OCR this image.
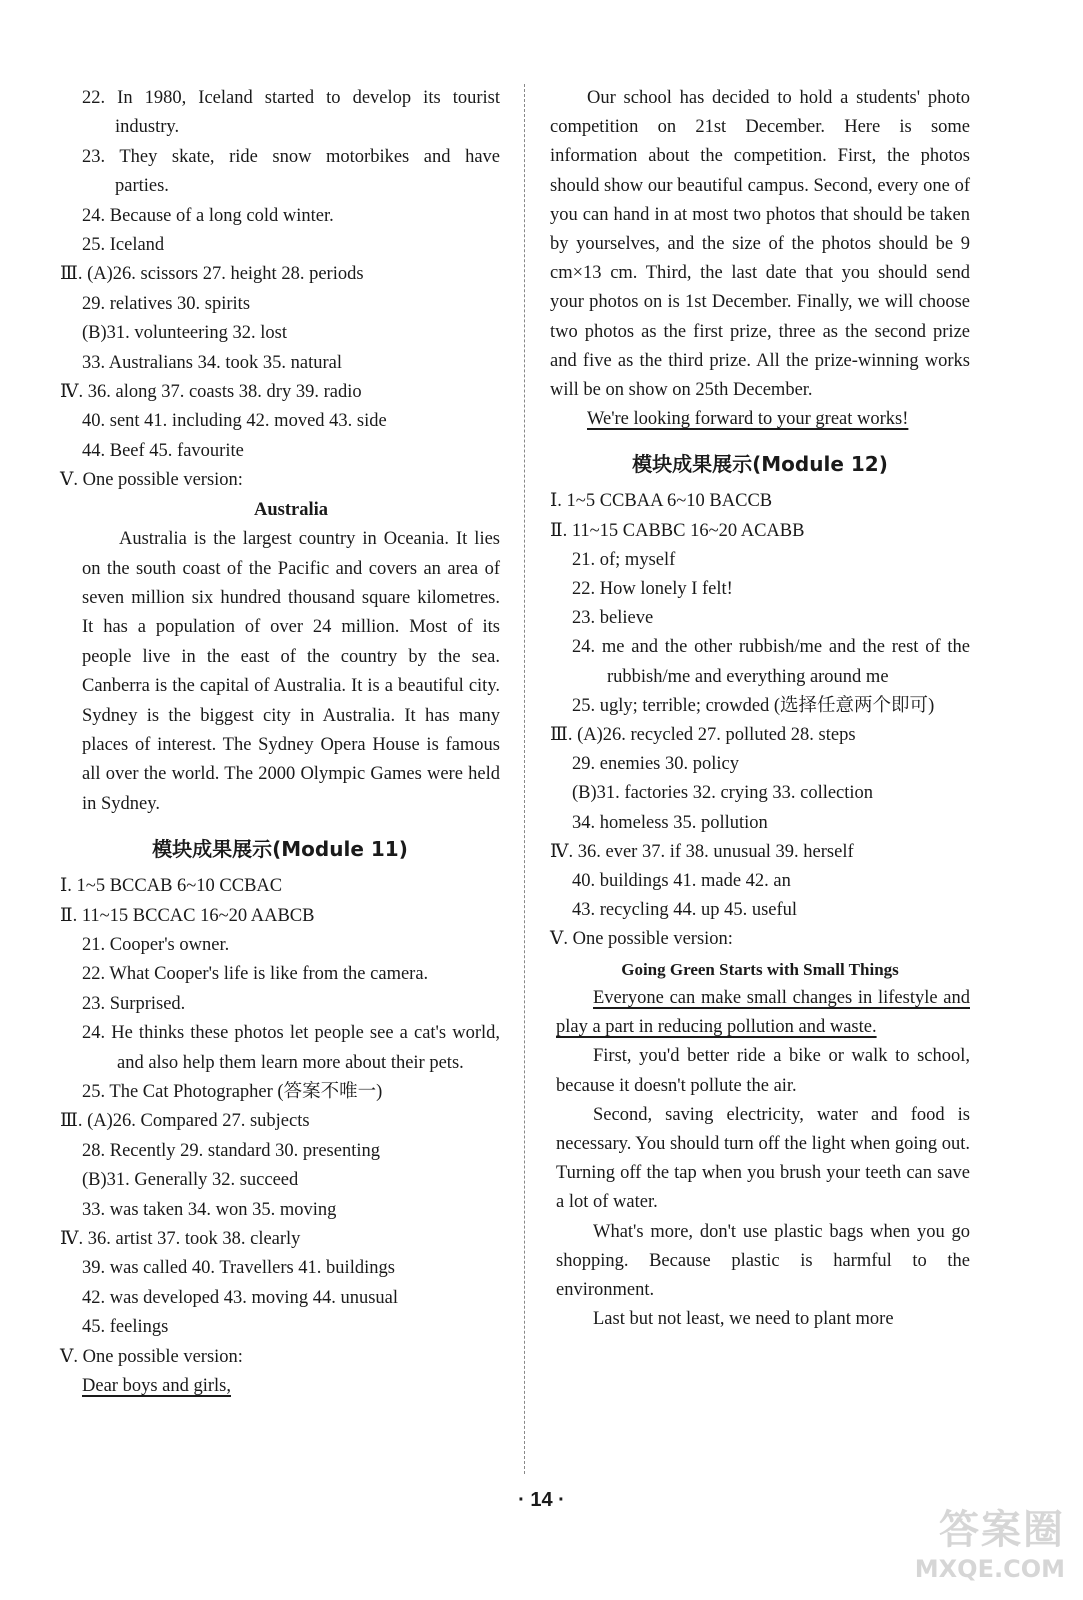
22. In 1980, Iceland started to develop its tourist

industry.

23. They skate, ride snow motorbikes and have

parties.

24. Because of a long cold winter.

25. Iceland

Ⅲ. (A)26. scissors 27. height 28. periods

29. relatives 30. spirits

(B)31. volunteering 32. lost

33. Australians 34. took 35. natural

Ⅳ. 36. along 37. coasts 38. dry 39. radio

40. sent 41. including 42. moved 43. side

44. Beef 45. favourite

Ⅴ. One possible version:

Australia

Australia is the largest country in Oceania. It lies on the south coast of the Pacific and covers an area of seven million six hundred thousand square kilometres. It has a population of over 24 million. Most of its people live in the east of the country by the sea. Canberra is the capital of Australia. It is a beautiful city. Sydney is the biggest city in Australia. It has many places of interest. The Sydney Opera House is famous all over the world. The 2000 Olympic Games were held in Sydney.

模块成果展示(Module 11)

Ⅰ. 1~5 BCCAB 6~10 CCBAC

Ⅱ. 11~15 BCCAC 16~20 AABCB

21. Cooper's owner.

22. What Cooper's life is like from the camera.

23. Surprised.

24. He thinks these photos let people see a cat's world, and also help them learn more about their pets.

25. The Cat Photographer (答案不唯一)

Ⅲ. (A)26. Compared 27. subjects

28. Recently 29. standard 30. presenting

(B)31. Generally 32. succeed

33. was taken 34. won 35. moving

Ⅳ. 36. artist 37. took 38. clearly

39. was called 40. Travellers 41. buildings

42. was developed 43. moving 44. unusual

45. feelings

Ⅴ. One possible version:

Dear boys and girls,

Our school has decided to hold a students' photo competition on 21st December. Here is some information about the competition. First, the photos should show our beautiful campus. Second, every one of you can hand in at most two photos that should be taken by yourselves, and the size of the photos should be 9 cm×13 cm. Third, the last date that you should send your photos on is 1st December. Finally, we will choose two photos as the first prize, three as the second prize and five as the third prize. All the prize-winning works will be on show on 25th December.

We're looking forward to your great works!

模块成果展示(Module 12)

Ⅰ. 1~5 CCBAA 6~10 BACCB

Ⅱ. 11~15 CABBC 16~20 ACABB

21. of; myself

22. How lonely I felt!

23. believe

24. me and the other rubbish/me and the rest of the rubbish/me and everything around me

25. ugly; terrible; crowded (选择任意两个即可)

Ⅲ. (A)26. recycled 27. polluted 28. steps

29. enemies 30. policy

(B)31. factories 32. crying 33. collection

34. homeless 35. pollution

Ⅳ. 36. ever 37. if 38. unusual 39. herself

40. buildings 41. made 42. an

43. recycling 44. up 45. useful

Ⅴ. One possible version:

Going Green Starts with Small Things

Everyone can make small changes in lifestyle and play a part in reducing pollution and waste.

First, you'd better ride a bike or walk to school, because it doesn't pollute the air.

Second, saving electricity, water and food is necessary. You should turn off the light when going out. Turning off the tap when you brush your teeth can save a lot of water.

What's more, don't use plastic bags when you go shopping. Because plastic is harmful to the environment.

Last but not least, we need to plant more

· 14 ·
答案圈
MXQE.COM
